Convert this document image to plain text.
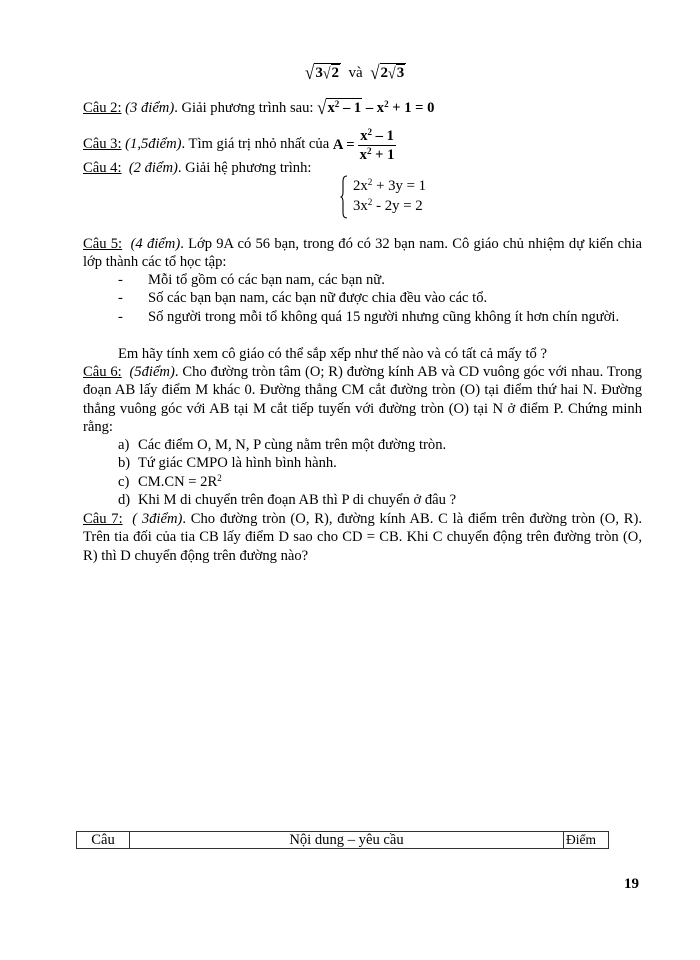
√3√2 và √2√3
Câu 2: (3 điểm). Giải phương trình sau: $√x^2 - 1 - x^2 + 1 = 0$
Câu 3: (1,5điểm). Tìm giá trị nhỏ nhất của $A = \frac{x^2 - 1}{x^2 + 1}$
Câu 4: (2 điểm). Giải hệ phương trình:
$2x^2 + 3y = 1$
$3x^2 - 2y = 2$
Câu 5: (4 điểm). Lớp 9A có 56 bạn, trong đó có 32 bạn nam. Cô giáo chủ nhiệm dự kiến chia lớp thành các tổ học tập:
-	Mỗi tổ gồm có các bạn nam, các bạn nữ.
-	Số các bạn bạn nam, các bạn nữ được chia đều vào các tổ.
-	Số người trong mỗi tổ không quá 15 người nhưng cũng không ít hơn chín người.
Em hãy tính xem cô giáo có thể sắp xếp như thế nào và có tất cả mấy tổ ?
Câu 6: (5điểm). Cho đường tròn tâm (O; R) đường kính AB và CD vuông góc với nhau. Trong đoạn AB lấy điểm M khác 0. Đường thẳng CM cắt đường tròn (O) tại điểm thứ hai N. Đường thẳng vuông góc với AB tại M cắt tiếp tuyến với đường tròn (O) tại N ở điểm P. Chứng minh rằng:
a) Các điểm O, M, N, P cùng nằm trên một đường tròn.
b) Tứ giác CMPO là hình bình hành.
c) $CM.CN = 2R^2$
d) Khi M di chuyển trên đoạn AB thì P di chuyển ở đâu ?
Câu 7: ( 3điểm). Cho đường tròn (O, R), đường kính AB. C là điểm trên đường tròn (O, R). Trên tia đối của tia CB lấy điểm D sao cho CD = CB. Khi C chuyển động trên đường tròn (O, R) thì D chuyển động trên đường nào?
Câu	Nội dung – yêu cầu	Điểm
19
